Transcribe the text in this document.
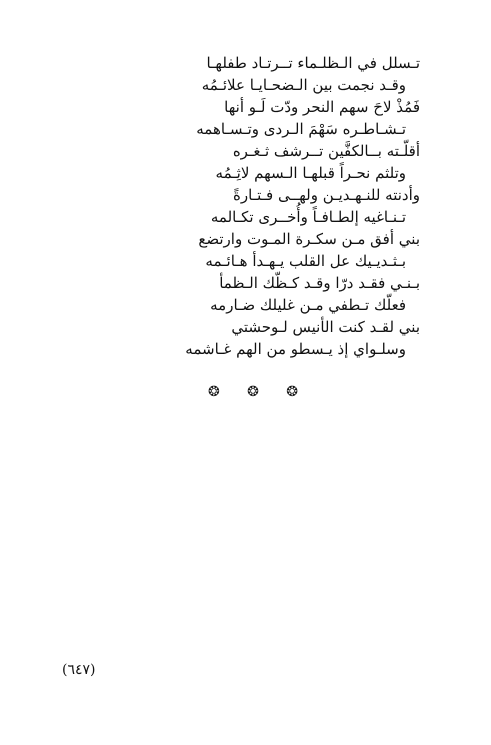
تـسلل في الـظلـماء تــرتـاد طفلهـا
وقـد نجمت بين الـضحـايـا علائـمُه
فَمُذْ لاحَ سهم النحر ودّت لَـو أنها
تـشـاطـره سَهْمَ الـردى وتـسـاهمه
أقلّـته بــالكفَّين تــرشف ثـغـره
وتلثم نحـراً قبلهـا الـسهم لاثِـمُه
وأدنته للنـهـديـن ولهــى فـتـارةً
تـنـاغيه إلطـافـاً وأُخــرى تكـالمه
بني أفق مـن سكـرة المـوت وارتضع
بـثـديـيك عل القلب يـهـدأ هـائـمه
بـنـي فقـد درّا وقـد كـظّك الـظمأ
فعلّك تـطفي مـن غليلك ضـارمه
بني لقـد كنت الأنيس لـوحشتي
وسلـواي إذ يـسطو من الهم غـاشمه
❂ ❂ ❂
(٦٤٧)
